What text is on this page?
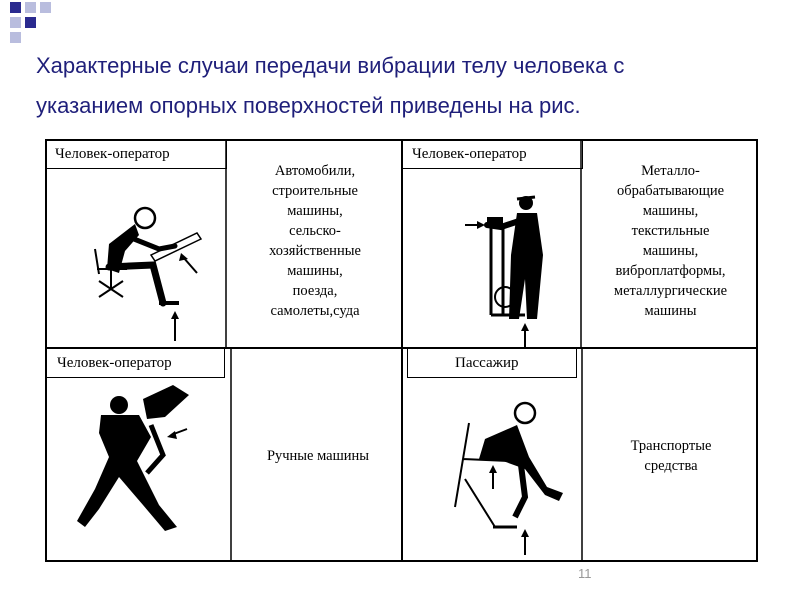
Характерные случаи передачи вибрации телу человека с
указанием опорных поверхностей приведены на рис.
Человек-оператор	Человек-оператор
Человек-оператор	Пассажир
Автомобили,
строительные
машины,
сельско-
хозяйственные
машины,
поезда,
самолеты,суда
Металло-
обрабатывающие
машины,
текстильные
машины,
виброплатформы,
металлургические
машины
Ручные машины
Транспортые
средства
11
